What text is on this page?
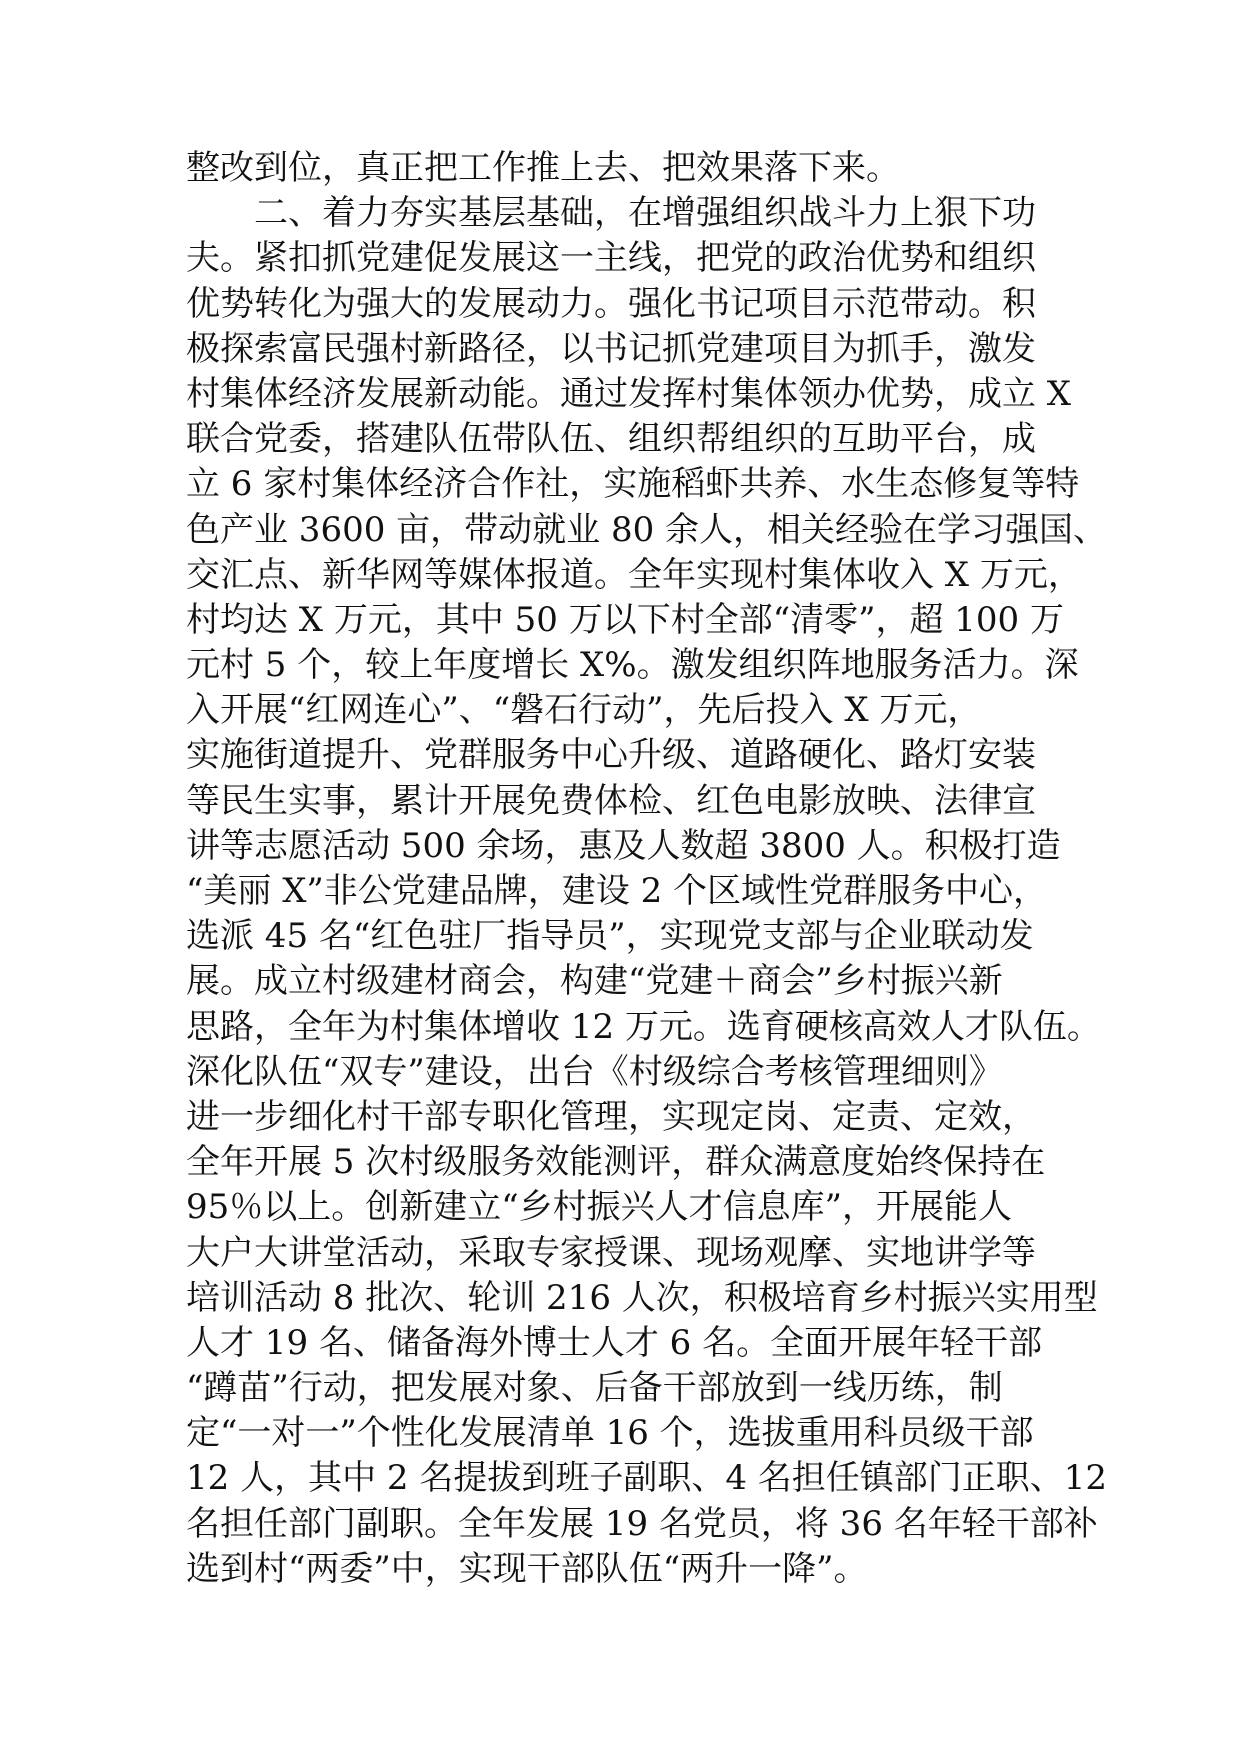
整改到位，真正把工作推上去、把效果落下来。
二、着力夯实基层基础，在增强组织战斗力上狠下功
夫。紧扣抓党建促发展这一主线，把党的政治优势和组织
优势转化为强大的发展动力。强化书记项目示范带动。积
极探索富民强村新路径，以书记抓党建项目为抓手，激发
村集体经济发展新动能。通过发挥村集体领办优势，成立 X
联合党委，搭建队伍带队伍、组织帮组织的互助平台，成
立 6 家村集体经济合作社，实施稻虾共养、水生态修复等特
色产业 3600 亩，带动就业 80 余人，相关经验在学习强国、
交汇点、新华网等媒体报道。全年实现村集体收入 X 万元，
村均达 X 万元，其中 50 万以下村全部“清零”，超 100 万
元村 5 个，较上年度增长 X%。激发组织阵地服务活力。深
入开展“红网连心”、“磐石行动”，先后投入 X 万元，
实施街道提升、党群服务中心升级、道路硬化、路灯安装
等民生实事，累计开展免费体检、红色电影放映、法律宣
讲等志愿活动 500 余场，惠及人数超 3800 人。积极打造
“美丽 X”非公党建品牌，建设 2 个区域性党群服务中心，
选派 45 名“红色驻厂指导员”，实现党支部与企业联动发
展。成立村级建材商会，构建“党建＋商会”乡村振兴新
思路，全年为村集体增收 12 万元。选育硬核高效人才队伍。
深化队伍“双专”建设，出台《村级综合考核管理细则》
进一步细化村干部专职化管理，实现定岗、定责、定效，
全年开展 5 次村级服务效能测评，群众满意度始终保持在
95％以上。创新建立“乡村振兴人才信息库”，开展能人
大户大讲堂活动，采取专家授课、现场观摩、实地讲学等
培训活动 8 批次、轮训 216 人次，积极培育乡村振兴实用型
人才 19 名、储备海外博士人才 6 名。全面开展年轻干部
“蹲苗”行动，把发展对象、后备干部放到一线历练，制
定“一对一”个性化发展清单 16 个，选拔重用科员级干部
12 人，其中 2 名提拔到班子副职、4 名担任镇部门正职、12
名担任部门副职。全年发展 19 名党员，将 36 名年轻干部补
选到村“两委”中，实现干部队伍“两升一降”。
